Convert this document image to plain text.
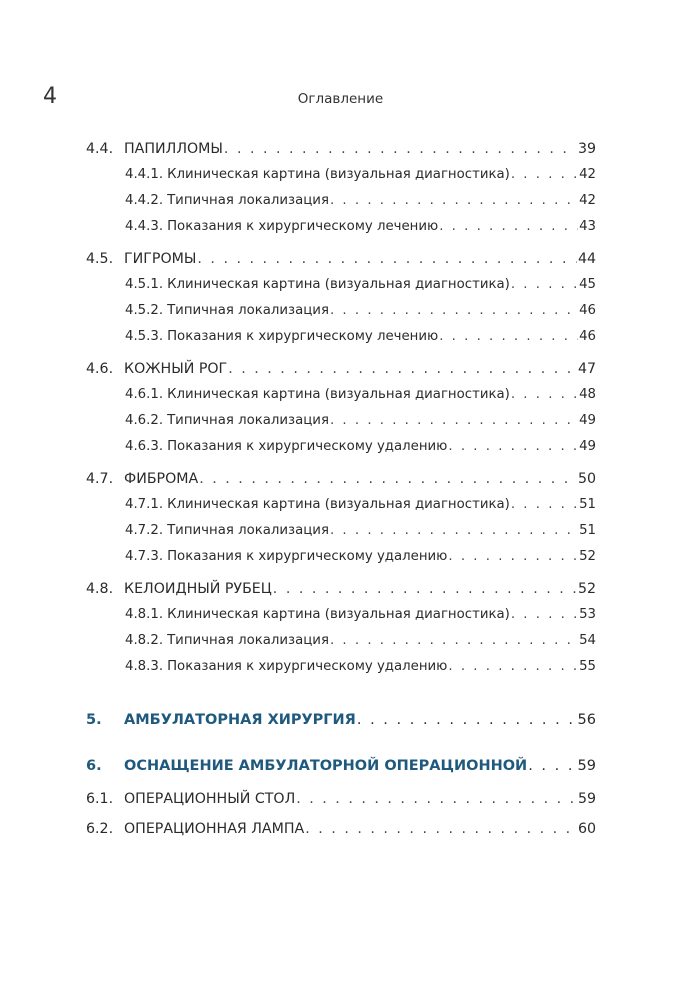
4	Оглавление
4.4. ПАПИЛЛОМЫ . . .	39
4.4.1. Клиническая картина (визуальная диагностика) . . .	42
4.4.2. Типичная локализация . . .	42
4.4.3. Показания к хирургическому лечению . . .	43
4.5. ГИГРОМЫ . . .	44
4.5.1. Клиническая картина (визуальная диагностика) . . .	45
4.5.2. Типичная локализация . . .	46
4.5.3. Показания к хирургическому лечению . . .	46
4.6. КОЖНЫЙ РОГ . . .	47
4.6.1. Клиническая картина (визуальная диагностика) . . .	48
4.6.2. Типичная локализация . . .	49
4.6.3. Показания к хирургическому удалению . . .	49
4.7. ФИБРОМА . . .	50
4.7.1. Клиническая картина (визуальная диагностика) . . .	51
4.7.2. Типичная локализация . . .	51
4.7.3. Показания к хирургическому удалению . . .	52
4.8. КЕЛОИДНЫЙ РУБЕЦ . . .	52
4.8.1. Клиническая картина (визуальная диагностика) . . .	53
4.8.2. Типичная локализация . . .	54
4.8.3. Показания к хирургическому удалению . . .	55
5.	АМБУЛАТОРНАЯ ХИРУРГИЯ . . .	56
6.	ОСНАЩЕНИЕ АМБУЛАТОРНОЙ ОПЕРАЦИОННОЙ . . .	59
6.1. ОПЕРАЦИОННЫЙ СТОЛ . . .	59
6.2. ОПЕРАЦИОННАЯ ЛАМПА . . .	60
